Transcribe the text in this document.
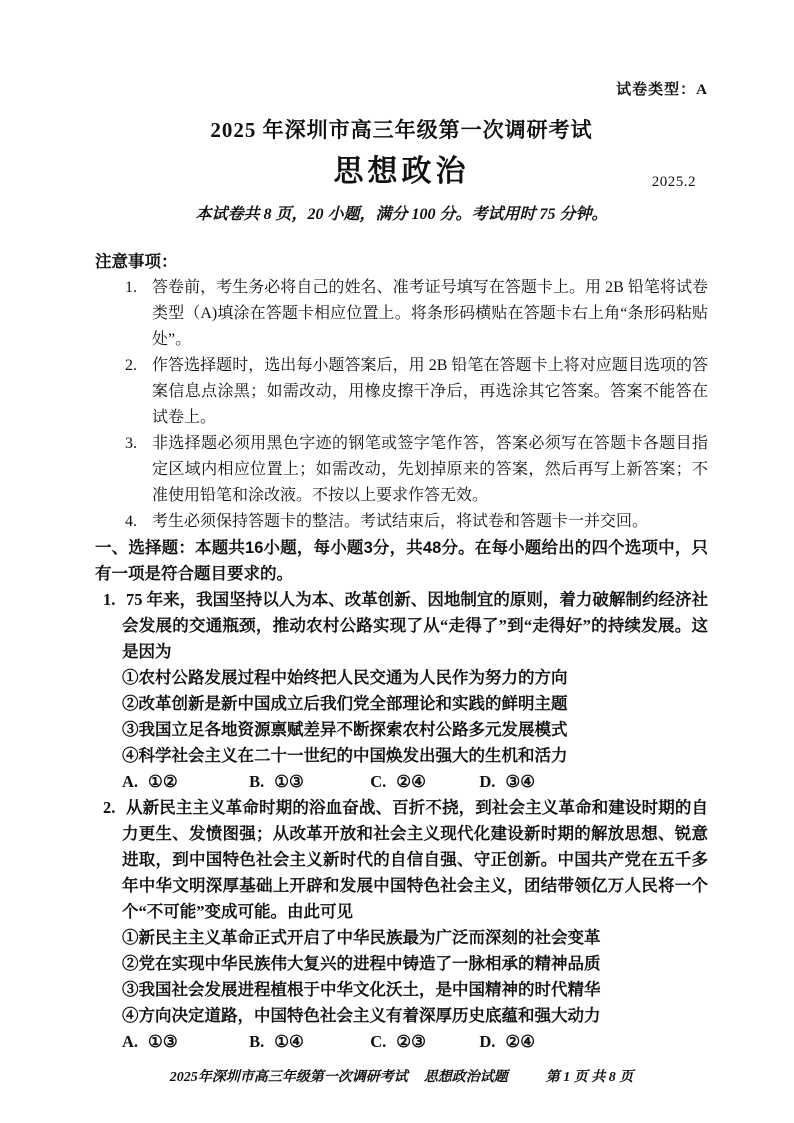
试卷类型：A
2025 年深圳市高三年级第一次调研考试
思想政治	2025.2
本试卷共 8 页，20 小题，满分 100 分。考试用时 75 分钟。
注意事项：
1. 答卷前，考生务必将自己的姓名、准考证号填写在答题卡上。用 2B 铅笔将试卷类型（A)填涂在答题卡相应位置上。将条形码横贴在答题卡右上角“条形码粘贴处”。
2. 作答选择题时，选出每小题答案后，用 2B 铅笔在答题卡上将对应题目选项的答案信息点涂黑；如需改动，用橡皮擦干净后，再选涂其它答案。答案不能答在试卷上。
3. 非选择题必须用黑色字迹的钢笔或签字笔作答，答案必须写在答题卡各题目指定区域内相应位置上；如需改动，先划掉原来的答案，然后再写上新答案；不准使用铅笔和涂改液。不按以上要求作答无效。
4. 考生必须保持答题卡的整洁。考试结束后，将试卷和答题卡一并交回。
一、选择题：本题共16小题，每小题3分，共48分。在每小题给出的四个选项中，只有一项是符合题目要求的。
1. 75 年来，我国坚持以人为本、改革创新、因地制宜的原则，着力破解制约经济社会发展的交通瓶颈，推动农村公路实现了从“走得了”到“走得好”的持续发展。这是因为
①农村公路发展过程中始终把人民交通为人民作为努力的方向
②改革创新是新中国成立后我们党全部理论和实践的鲜明主题
③我国立足各地资源禀赋差异不断探索农村公路多元发展模式
④科学社会主义在二十一世纪的中国焕发出强大的生机和活力
A. ①②	B. ①③	C. ②④	D. ③④
2. 从新民主主义革命时期的浴血奋战、百折不挠，到社会主义革命和建设时期的自力更生、发愤图强；从改革开放和社会主义现代化建设新时期的解放思想、锐意进取，到中国特色社会主义新时代的自信自强、守正创新。中国共产党在五千多年中华文明深厚基础上开辟和发展中国特色社会主义，团结带领亿万人民将一个个“不可能”变成可能。由此可见
①新民主主义革命正式开启了中华民族最为广泛而深刻的社会变革
②党在实现中华民族伟大复兴的进程中铸造了一脉相承的精神品质
③我国社会发展进程植根于中华文化沃土，是中国精神的时代精华
④方向决定道路，中国特色社会主义有着深厚历史底蕴和强大动力
A. ①③	B. ①④	C. ②③	D. ②④
2025年深圳市高三年级第一次调研考试 思想政治试题	第 1 页 共 8 页
